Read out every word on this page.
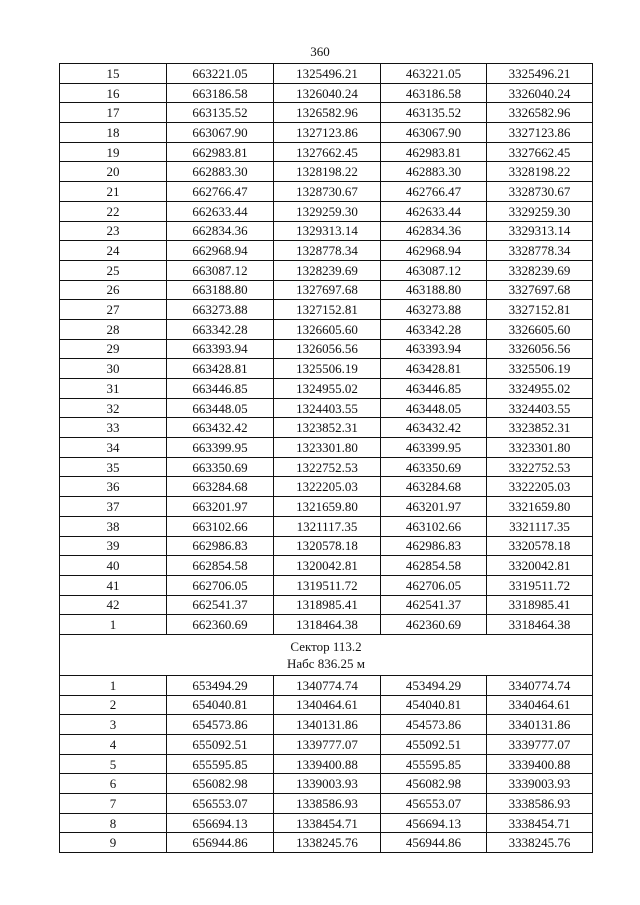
360
15	663221.05	1325496.21	463221.05	3325496.21
16	663186.58	1326040.24	463186.58	3326040.24
17	663135.52	1326582.96	463135.52	3326582.96
18	663067.90	1327123.86	463067.90	3327123.86
19	662983.81	1327662.45	462983.81	3327662.45
20	662883.30	1328198.22	462883.30	3328198.22
21	662766.47	1328730.67	462766.47	3328730.67
22	662633.44	1329259.30	462633.44	3329259.30
23	662834.36	1329313.14	462834.36	3329313.14
24	662968.94	1328778.34	462968.94	3328778.34
25	663087.12	1328239.69	463087.12	3328239.69
26	663188.80	1327697.68	463188.80	3327697.68
27	663273.88	1327152.81	463273.88	3327152.81
28	663342.28	1326605.60	463342.28	3326605.60
29	663393.94	1326056.56	463393.94	3326056.56
30	663428.81	1325506.19	463428.81	3325506.19
31	663446.85	1324955.02	463446.85	3324955.02
32	663448.05	1324403.55	463448.05	3324403.55
33	663432.42	1323852.31	463432.42	3323852.31
34	663399.95	1323301.80	463399.95	3323301.80
35	663350.69	1322752.53	463350.69	3322752.53
36	663284.68	1322205.03	463284.68	3322205.03
37	663201.97	1321659.80	463201.97	3321659.80
38	663102.66	1321117.35	463102.66	3321117.35
39	662986.83	1320578.18	462986.83	3320578.18
40	662854.58	1320042.81	462854.58	3320042.81
41	662706.05	1319511.72	462706.05	3319511.72
42	662541.37	1318985.41	462541.37	3318985.41
1	662360.69	1318464.38	462360.69	3318464.38

Сектор 113.2
Набс 836.25 м				

1	653494.29	1340774.74	453494.29	3340774.74
2	654040.81	1340464.61	454040.81	3340464.61
3	654573.86	1340131.86	454573.86	3340131.86
4	655092.51	1339777.07	455092.51	3339777.07
5	655595.85	1339400.88	455595.85	3339400.88
6	656082.98	1339003.93	456082.98	3339003.93
7	656553.07	1338586.93	456553.07	3338586.93
8	656694.13	1338454.71	456694.13	3338454.71
9	656944.86	1338245.76	456944.86	3338245.76
